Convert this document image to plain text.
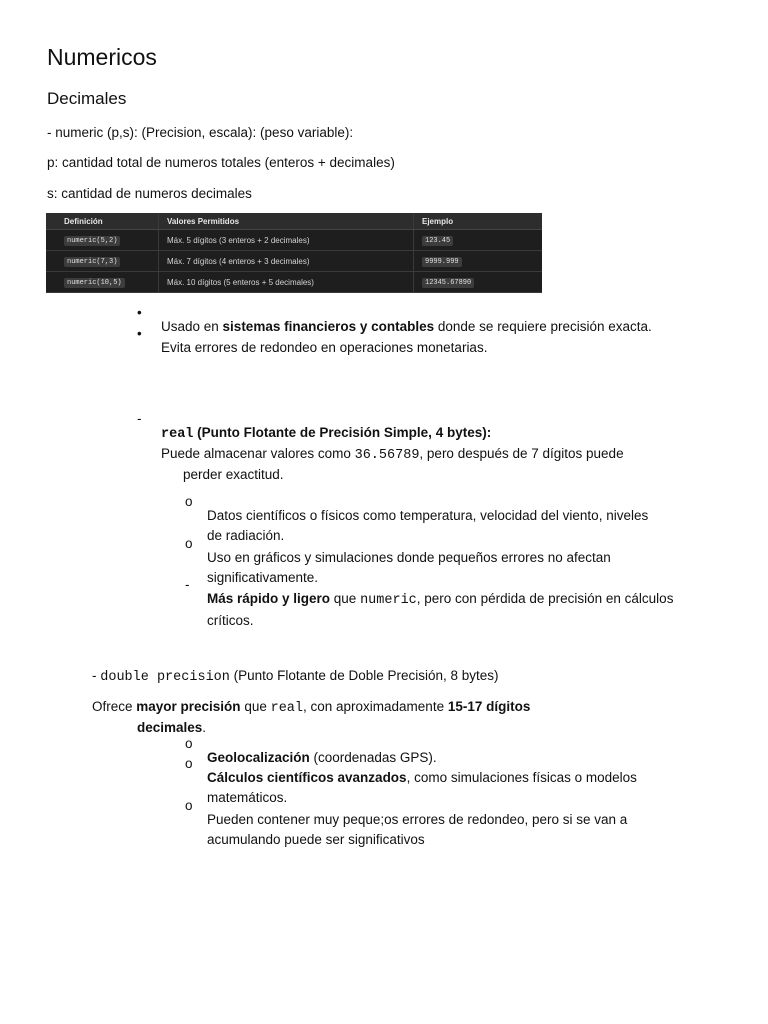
Numericos
Decimales

- numeric (p,s): (Precision, escala): (peso variable):

p: cantidad total de numeros totales (enteros + decimales)

s: cantidad de numeros decimales

Definición	Valores Permitidos	Ejemplo
numeric(5,2)	Máx. 5 dígitos (3 enteros + 2 decimales)	123.45
numeric(7,3)	Máx. 7 dígitos (4 enteros + 3 decimales)	9999.999
numeric(10,5)	Máx. 10 dígitos (5 enteros + 5 decimales)	12345.67890
•

Usado en sistemas financieros y contables donde se requiere precisión exacta.

•

Evita errores de redondeo en operaciones monetarias.

-

real (Punto Flotante de Precisión Simple, 4 bytes):

Puede almacenar valores como 36.56789, pero después de 7 dígitos puede

perder exactitud.

o

Datos científicos o físicos como temperatura, velocidad del viento, niveles
de radiación.

o

Uso en gráficos y simulaciones donde pequeños errores no afectan
significativamente.

-

Más rápido y ligero que numeric, pero con pérdida de precisión en cálculos
críticos.

- double precision (Punto Flotante de Doble Precisión, 8 bytes)

Ofrece mayor precisión que real, con aproximadamente 15-17 dígitos

decimales.

o

Geolocalización (coordenadas GPS).

o

Cálculos científicos avanzados, como simulaciones físicas o modelos
matemáticos.

o

Pueden contener muy peque;os errores de redondeo, pero si se van a
acumulando puede ser significativos
